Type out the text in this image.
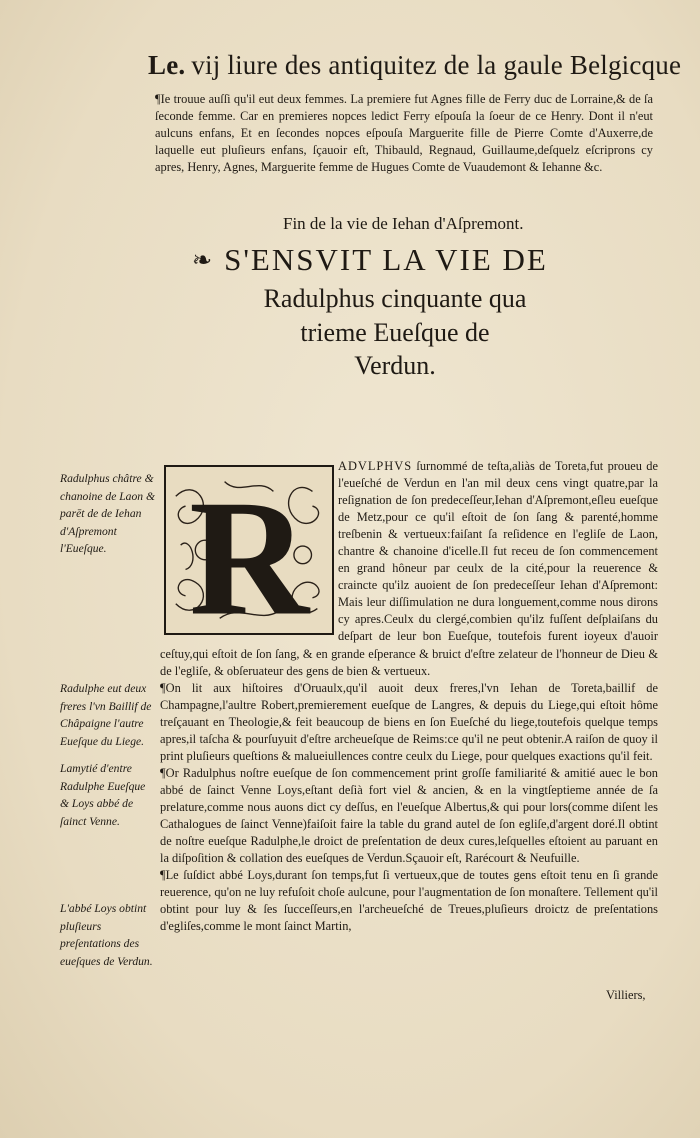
Le. vij liure des antiquitez de la gaule Belgicque
¶Ie trouue auſſi qu'il eut deux femmes. La premiere fut Agnes fille de Ferry duc de Lorraine,& de ſa ſeconde femme. Car en premieres nopces ledict Ferry eſpouſa la ſoeur de ce Henry. Dont il n'eut aulcuns enfans, Et en ſecondes nopces eſpouſa Marguerite fille de Pierre Comte d'Auxerre,de laquelle eut pluſieurs enfans, ſçauoir eſt, Thibauld, Regnaud, Guillaume,deſquelz eſcriprons cy apres, Henry, Agnes, Marguerite femme de Hugues Comte de Vuaudemont & Iehanne &c.
Fin de la vie de Iehan d'Aſpremont.
❧ S'ENSVIT LA VIE DE
Radulphus cinquante qua
trieme Eueſque de
Verdun.
Radulphus châtre & chanoine de Laon & parēt de de Iehan d'Aſpremont l'Eueſque.
Radulphe eut deux freres l'vn Baillif de Châpaigne l'autre Eueſque du Liege.
Lamytié d'entre Radulphe Eueſque & Loys abbé de ſainct Venne.
L'abbé Loys obtint pluſieurs preſentations des eueſques de Verdun.
ADVLPHVS ſurnommé de teſta,aliàs de Toreta,fut proueu de l'eueſché de Verdun en l'an mil deux cens vingt quatre,par la reſignation de ſon predeceſſeur,Iehan d'Aſpremont,eſleu eueſque de Metz,pour ce qu'il eſtoit de ſon ſang & parenté,homme treſbenin & vertueux:faiſant ſa reſidence en l'egliſe de Laon, chantre & chanoine d'icelle.Il fut receu de ſon commencement en grand hôneur par ceulx de la cité,pour la reuerence & craincte qu'ilz auoient de ſon predeceſſeur Iehan d'Aſpremont: Mais leur diſſimulation ne dura longuement,comme nous dirons cy apres.Ceulx du clergé,combien qu'ilz fuſſent deſplaiſans du deſpart de leur bon Eueſque, toutefois furent ioyeux d'auoir ceſtuy,qui eſtoit de ſon ſang, & en grande eſperance & bruict d'eſtre zelateur de l'honneur de Dieu & de l'egliſe, & obſeruateur des gens de bien & vertueux.
¶On lit aux hiſtoires d'Oruaulx,qu'il auoit deux freres,l'vn Iehan de Toreta,baillif de Champagne,l'aultre Robert,premierement eueſque de Langres, & depuis du Liege,qui eſtoit hôme treſçauant en Theologie,& feit beaucoup de biens en ſon Eueſché du liege,toutefois quelque temps apres,il taſcha & pourſuyuit d'eſtre archeueſque de Reims:ce qu'il ne peut obtenir.A raiſon de quoy il print pluſieurs queſtions & malueiullences contre ceulx du Liege, pour quelques exactions qu'il feit.
¶Or Radulphus noſtre eueſque de ſon commencement print groſſe familiarité & amitié auec le bon abbé de ſainct Venne Loys,eſtant deſià fort viel & ancien, & en la vingtſeptieme année de ſa prelature,comme nous auons dict cy deſſus, en l'eueſque Albertus,& qui pour lors(comme diſent les Cathalogues de ſainct Venne)faiſoit faire la table du grand autel de ſon egliſe,d'argent doré.Il obtint de noſtre eueſque Radulphe,le droict de preſentation de deux cures,leſquelles eſtoient au paruant en la diſpoſition & collation des eueſques de Verdun.Sçauoir eſt, Rarécourt & Neufuille.
¶Le ſuſdict abbé Loys,durant ſon temps,fut ſi vertueux,que de toutes gens eſtoit tenu en ſi grande reuerence, qu'on ne luy refuſoit choſe aulcune, pour l'augmentation de ſon monaſtere. Tellement qu'il obtint pour luy & ſes ſucceſſeurs,en l'archeueſché de Treues,pluſieurs droictz de preſentations d'egliſes,comme le mont ſainct Martin,
R
Villiers,
